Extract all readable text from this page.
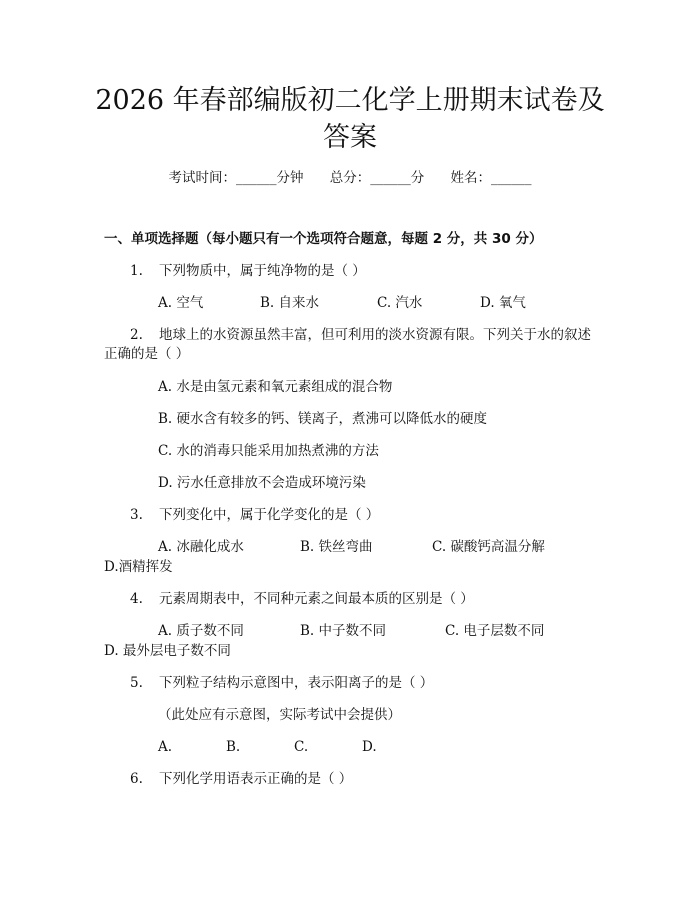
2026 年春部编版初二化学上册期末试卷及答案
考试时间：______分钟 总分：______分 姓名：______
一、单项选择题（每小题只有一个选项符合题意，每题 2 分，共 30 分）
1. 下列物质中，属于纯净物的是（ ）
A. 空气	B. 自来水	C. 汽水	D. 氧气
2. 地球上的水资源虽然丰富，但可利用的淡水资源有限。下列关于水的叙述
正确的是（ ）
A. 水是由氢元素和氧元素组成的混合物
B. 硬水含有较多的钙、镁离子，煮沸可以降低水的硬度
C. 水的消毒只能采用加热煮沸的方法
D. 污水任意排放不会造成环境污染
3. 下列变化中，属于化学变化的是（ ）
A. 冰融化成水	B. 铁丝弯曲	C. 碳酸钙高温分解
D.酒精挥发
4. 元素周期表中，不同种元素之间最本质的区别是（ ）
A. 质子数不同	B. 中子数不同	C. 电子层数不同
D. 最外层电子数不同
5. 下列粒子结构示意图中，表示阳离子的是（ ）
（此处应有示意图，实际考试中会提供）
A.	B.	C.	D.
6. 下列化学用语表示正确的是（ ）
